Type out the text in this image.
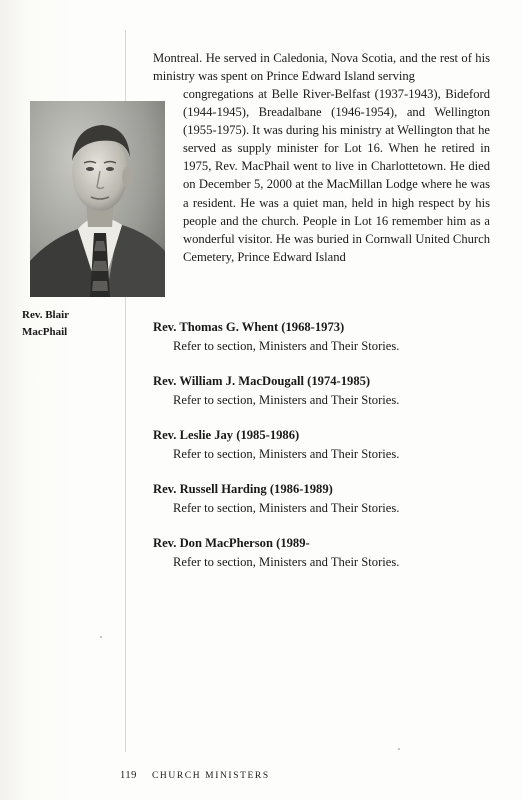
Montreal. He served in Caledonia, Nova Scotia, and the rest of his ministry was spent on Prince Edward Island serving

congregations at Belle River-Belfast (1937-1943), Bideford (1944-1945), Breadalbane (1946-1954), and Wellington (1955-1975). It was during his ministry at Wellington that he served as supply minister for Lot 16. When he retired in 1975, Rev. MacPhail went to live in Charlottetown. He died on December 5, 2000 at the MacMillan Lodge where he was a resident. He was a quiet man, held in high respect by his people and the church. People in Lot 16 remember him as a wonderful visitor. He was buried in Cornwall United Church Cemetery, Prince Edward Island

Rev. Blair
MacPhail	Rev. Thomas G. Whent (1968-1973)
Refer to section, Ministers and Their Stories.
Rev. William J. MacDougall (1974-1985)
Refer to section, Ministers and Their Stories.
Rev. Leslie Jay (1985-1986)
Refer to section, Ministers and Their Stories.
Rev. Russell Harding (1986-1989)
Refer to section, Ministers and Their Stories.
Rev. Don MacPherson (1989-
Refer to section, Ministers and Their Stories.
119 CHURCH MINISTERS
